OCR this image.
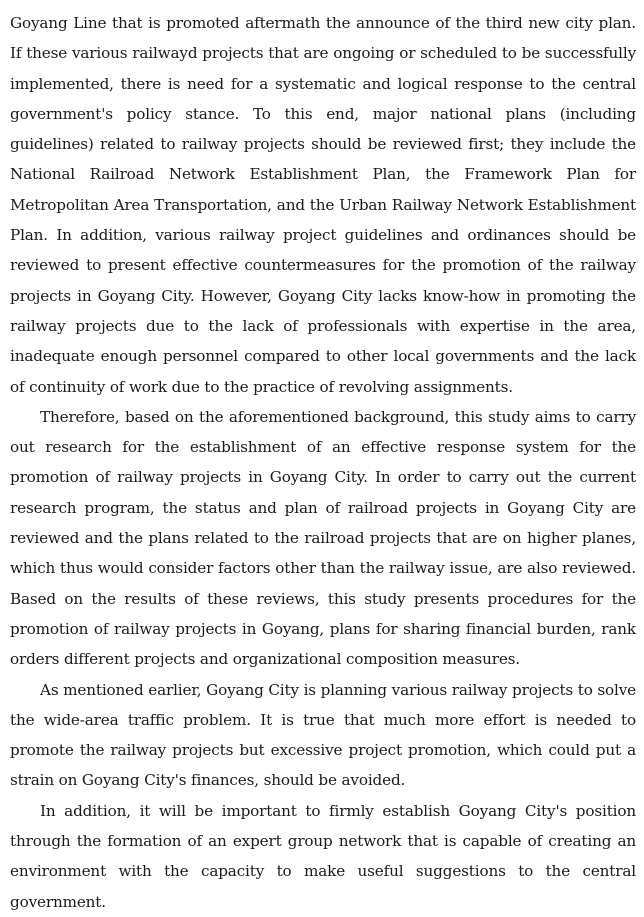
Goyang Line that is promoted aftermath the announce of the third new city plan. If these various railwayd projects that are ongoing or scheduled to be successfully implemented, there is need for a systematic and logical response to the central government's policy stance. To this end, major national plans (including guidelines) related to railway projects should be reviewed first; they include the National Railroad Network Establishment Plan, the Framework Plan for Metropolitan Area Transportation, and the Urban Railway Network Establishment Plan. In addition, various railway project guidelines and ordinances should be reviewed to present effective countermeasures for the promotion of the railway projects in Goyang City. However, Goyang City lacks know-how in promoting the railway projects due to the lack of professionals with expertise in the area, inadequate enough personnel compared to other local governments and the lack of continuity of work due to the practice of revolving assignments.

Therefore, based on the aforementioned background, this study aims to carry out research for the establishment of an effective response system for the promotion of railway projects in Goyang City. In order to carry out the current research program, the status and plan of railroad projects in Goyang City are reviewed and the plans related to the railroad projects that are on higher planes, which thus would consider factors other than the railway issue, are also reviewed. Based on the results of these reviews, this study presents procedures for the promotion of railway projects in Goyang, plans for sharing financial burden, rank orders different projects and organizational composition measures.

As mentioned earlier, Goyang City is planning various railway projects to solve the wide-area traffic problem. It is true that much more effort is needed to promote the railway projects but excessive project promotion, which could put a strain on Goyang City's finances, should be avoided.

In addition, it will be important to firmly establish Goyang City's position through the formation of an expert group network that is capable of creating an environment with the capacity to make useful suggestions to the central government.
